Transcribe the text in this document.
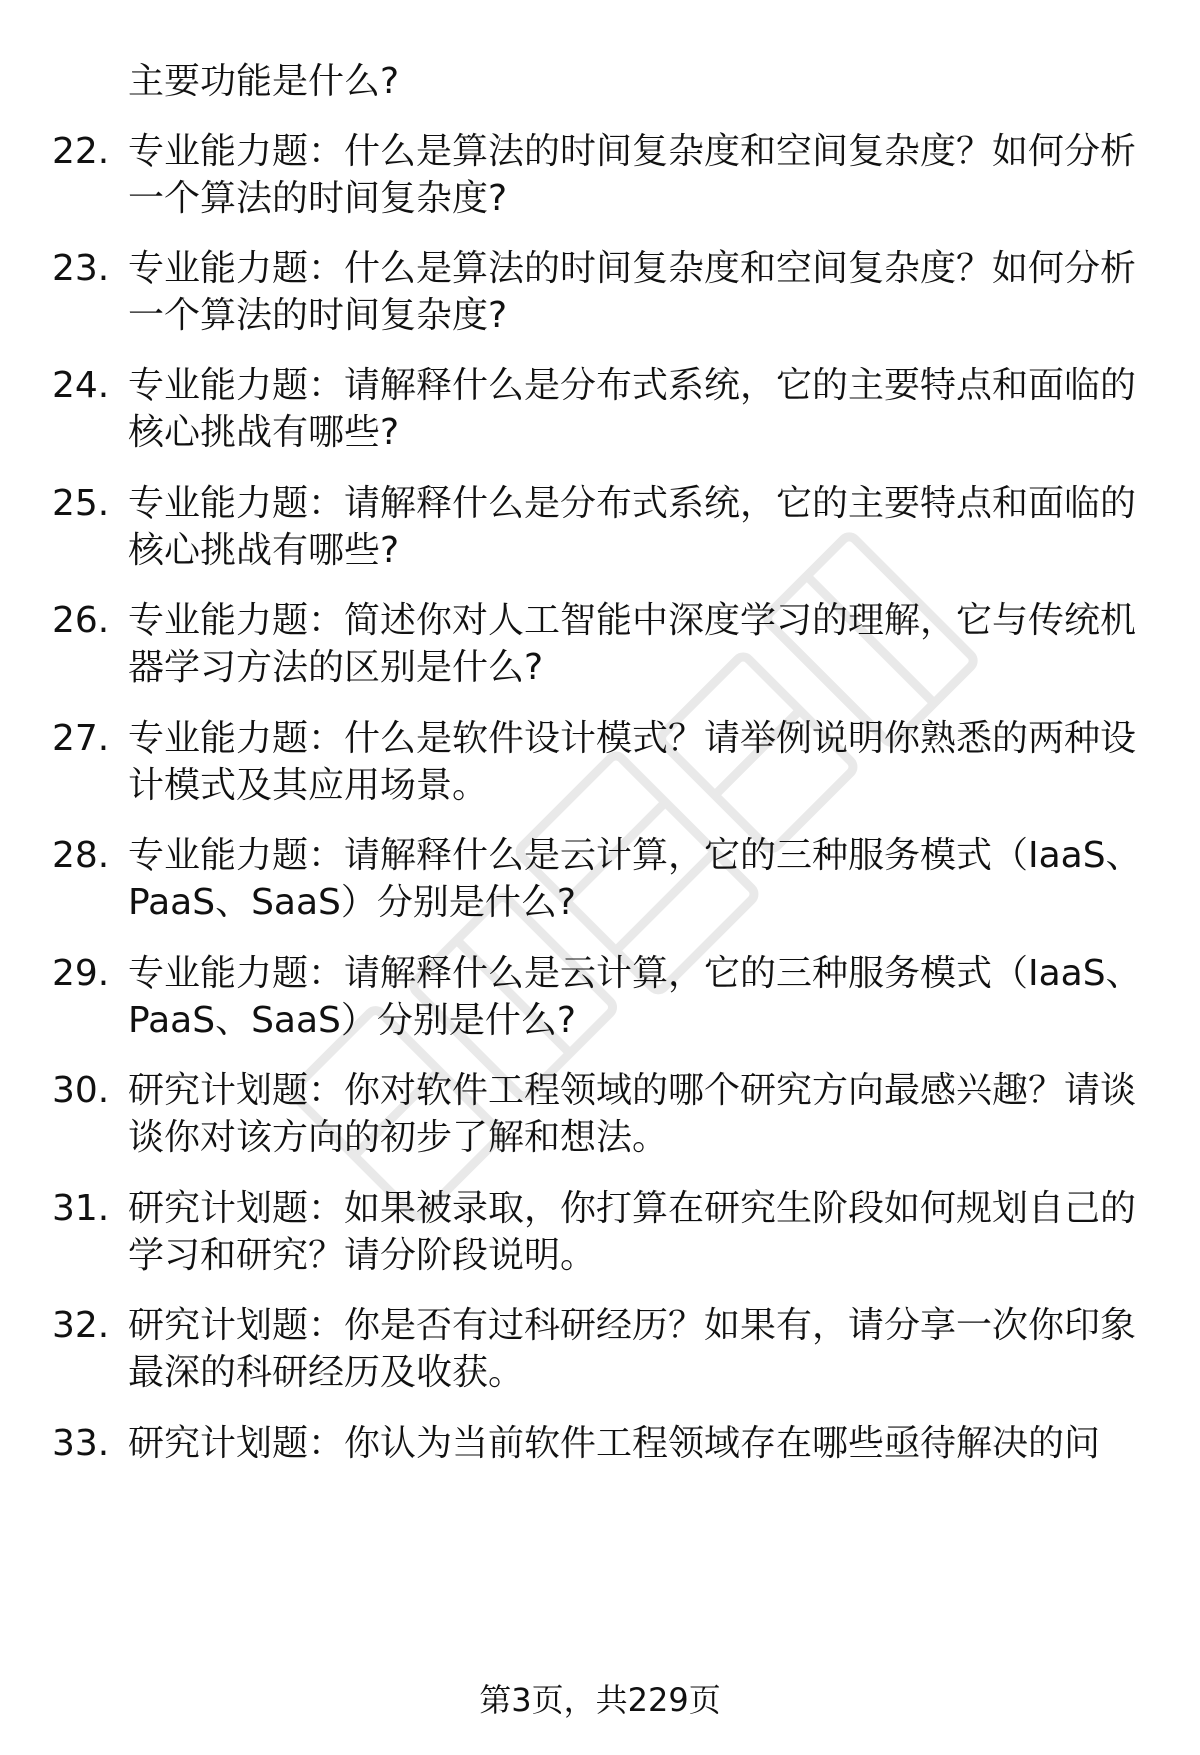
主要功能是什么?
22. 专业能力题：什么是算法的时间复杂度和空间复杂度？如何分析
一个算法的时间复杂度?
23. 专业能力题：什么是算法的时间复杂度和空间复杂度？如何分析
一个算法的时间复杂度?
24. 专业能力题：请解释什么是分布式系统，它的主要特点和面临的
核心挑战有哪些?
25. 专业能力题：请解释什么是分布式系统，它的主要特点和面临的
核心挑战有哪些?
26. 专业能力题：简述你对人工智能中深度学习的理解，它与传统机
器学习方法的区别是什么?
27. 专业能力题：什么是软件设计模式？请举例说明你熟悉的两种设
计模式及其应用场景。
28. 专业能力题：请解释什么是云计算，它的三种服务模式（IaaS、
PaaS、SaaS）分别是什么?
29. 专业能力题：请解释什么是云计算，它的三种服务模式（IaaS、
PaaS、SaaS）分别是什么?
30. 研究计划题：你对软件工程领域的哪个研究方向最感兴趣？请谈
谈你对该方向的初步了解和想法。
31. 研究计划题：如果被录取，你打算在研究生阶段如何规划自己的
学习和研究？请分阶段说明。
32. 研究计划题：你是否有过科研经历？如果有，请分享一次你印象
最深的科研经历及收获。
33. 研究计划题：你认为当前软件工程领域存在哪些亟待解决的问
第3页，共229页
